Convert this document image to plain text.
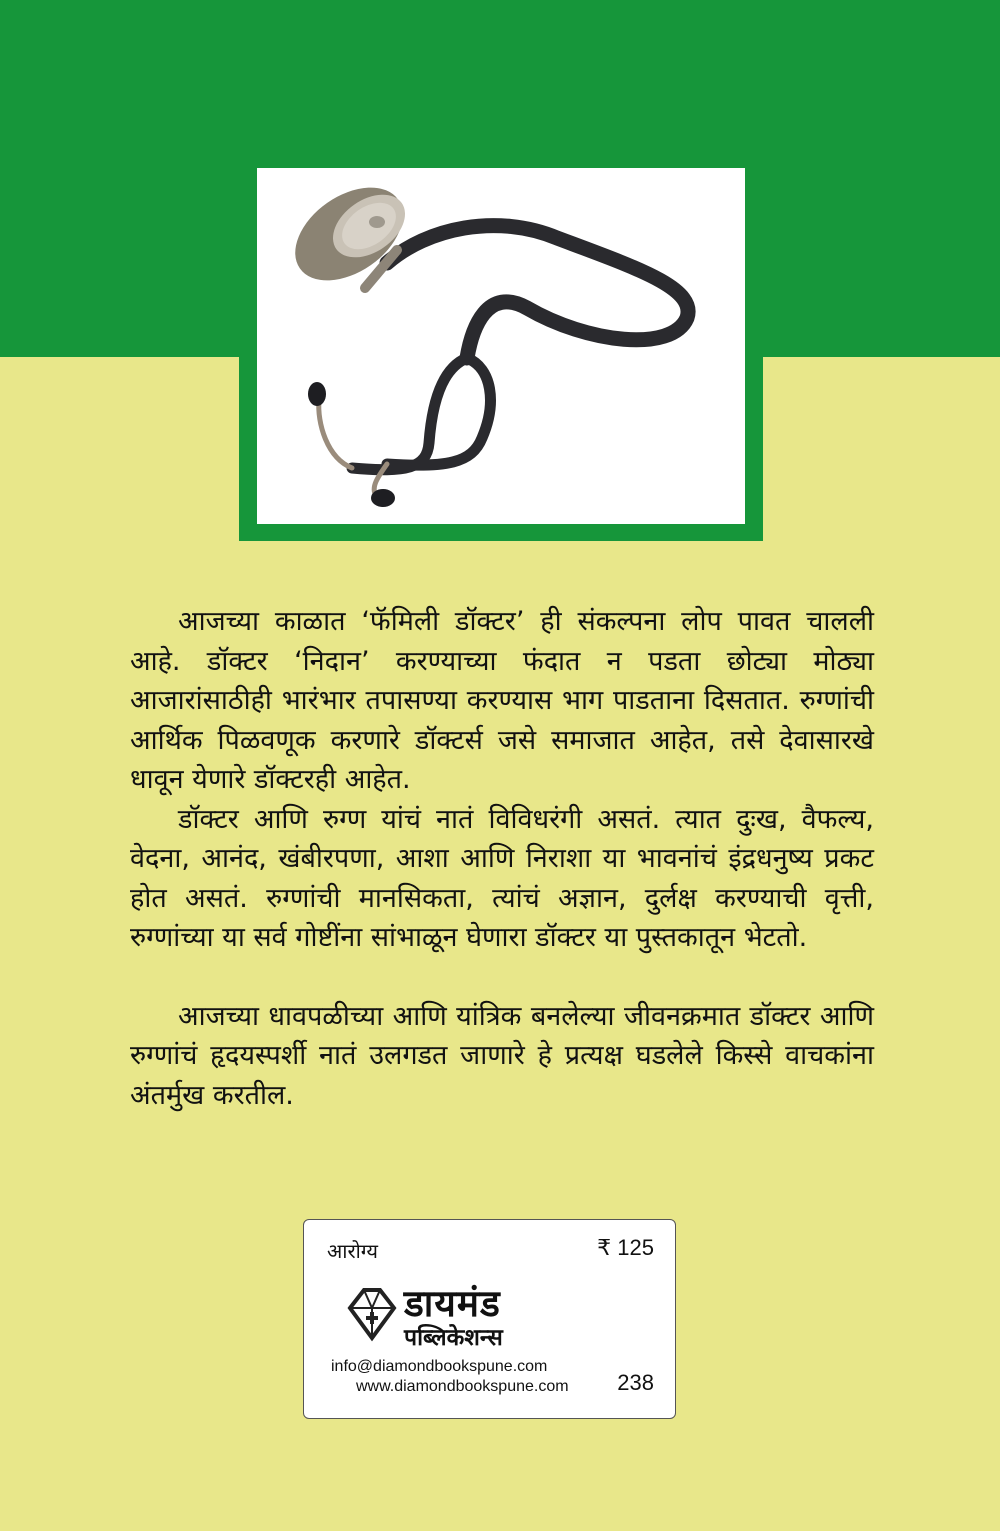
आजच्या काळात ‘फॅमिली डॉक्टर’ ही संकल्पना लोप पावत चालली आहे. डॉक्टर ‘निदान’ करण्याच्या फंदात न पडता छोट्या मोठ्या आजारांसाठीही भारंभार तपासण्या करण्यास भाग पाडताना दिसतात. रुग्णांची आर्थिक पिळवणूक करणारे डॉक्टर्स जसे समाजात आहेत, तसे देवासारखे धावून येणारे डॉक्टरही आहेत.

डॉक्टर आणि रुग्ण यांचं नातं विविधरंगी असतं. त्यात दुःख, वैफल्य, वेदना, आनंद, खंबीरपणा, आशा आणि निराशा या भावनांचं इंद्रधनुष्य प्रकट होत असतं. रुग्णांची मानसिकता, त्यांचं अज्ञान, दुर्लक्ष करण्याची वृत्ती, रुग्णांच्या या सर्व गोष्टींना सांभाळून घेणारा डॉक्टर या पुस्तकातून भेटतो.

आजच्या धावपळीच्या आणि यांत्रिक बनलेल्या जीवनक्रमात डॉक्टर आणि रुग्णांचं हृदयस्पर्शी नातं उलगडत जाणारे हे प्रत्यक्ष घडलेले किस्से वाचकांना अंतर्मुख करतील.

आरोग्य	₹ 125
डायमंड
पब्लिकेशन्स
info@diamondbookspune.com
www.diamondbookspune.com 238
